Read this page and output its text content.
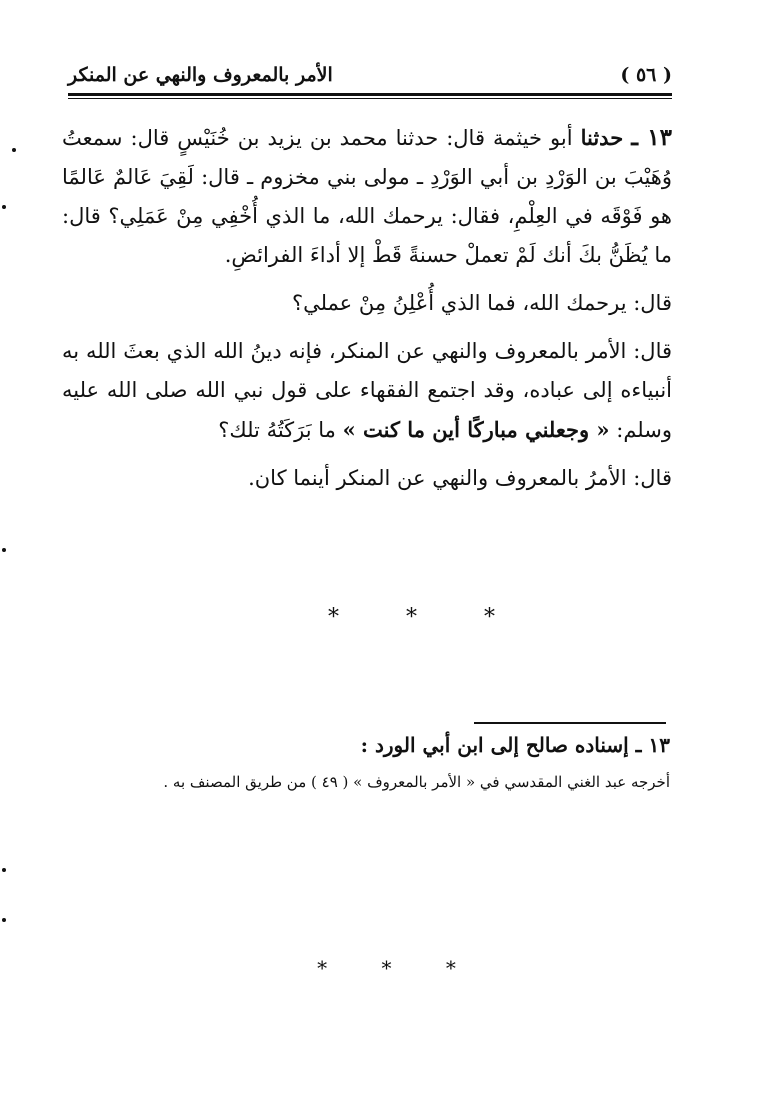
الأمر بالمعروف والنهي عن المنكر	( ٥٦ )

١٣ ـ حدثنا أبو خيثمة قال: حدثنا محمد بن يزيد بن خُنَيْسٍ قال: سمعتُ وُهَيْبَ بن الوَرْدِ بن أبي الوَرْدِ ـ مولى بني مخزوم ـ قال: لَقِيَ عَالمٌ عَالمًا هو فَوْقَه في العِلْمِ، فقال: يرحمك الله، ما الذي أُخْفِي مِنْ عَمَلِي؟ قال: ما يُظَنُّ بكَ أنك لَمْ تعملْ حسنةً قَطْ إلا أداءَ الفرائضِ.

قال: يرحمك الله، فما الذي أُعْلِنُ مِنْ عملي؟

قال: الأمر بالمعروف والنهي عن المنكر، فإنه دينُ الله الذي بعثَ الله به أنبياءه إلى عباده، وقد اجتمع الفقهاء على قول نبي الله صلى الله عليه وسلم: « وجعلني مباركًا أين ما كنت » ما بَرَكَتُهُ تلك؟

قال: الأمرُ بالمعروف والنهي عن المنكر أينما كان.

* * *
١٣ ـ إسناده صالح إلى ابن أبي الورد :
أخرجه عبد الغني المقدسي في « الأمر بالمعروف » ( ٤٩ ) من طريق المصنف به .
* * *
